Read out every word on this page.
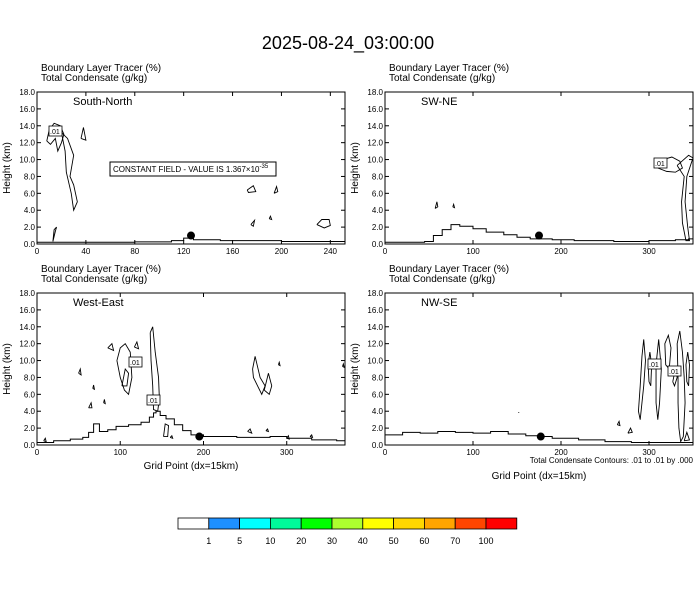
2025-08-24_03:00:00
Boundary Layer Tracer (%)
Total Condensate (g/kg)
0.0
2.0
4.0
6.0
8.0
10.0
12.0
14.0
16.0
18.0
0	40	80	120	160	200	240
Height (km)
.01
South-North
CONSTANT FIELD - VALUE IS $1.367\times 10^{-35}$
Boundary Layer Tracer (%)
Total Condensate (g/kg)
0.0
2.0
4.0
6.0
8.0
10.0
12.0
14.0
16.0
18.0
0	100	200	300
Height (km)	.01
SW-NE
Boundary Layer Tracer (%)
Total Condensate (g/kg)
0.0
2.0
4.0
6.0
8.0
10.0
12.0
14.0
16.0
18.0
0	100	200	300
Height (km)
Grid Point (dx=15km)
.01
.01
West-East
Boundary Layer Tracer (%)
Total Condensate (g/kg)
0.0
2.0
4.0
6.0
8.0
10.0
12.0
14.0
16.0
18.0
0	100	200	300
Height (km)
Grid Point (dx=15km)
.01
.01
NW-SE
Total Condensate Contours: .01 to .01 by .000
1	5	10 20 30 40 50 60 70 100
